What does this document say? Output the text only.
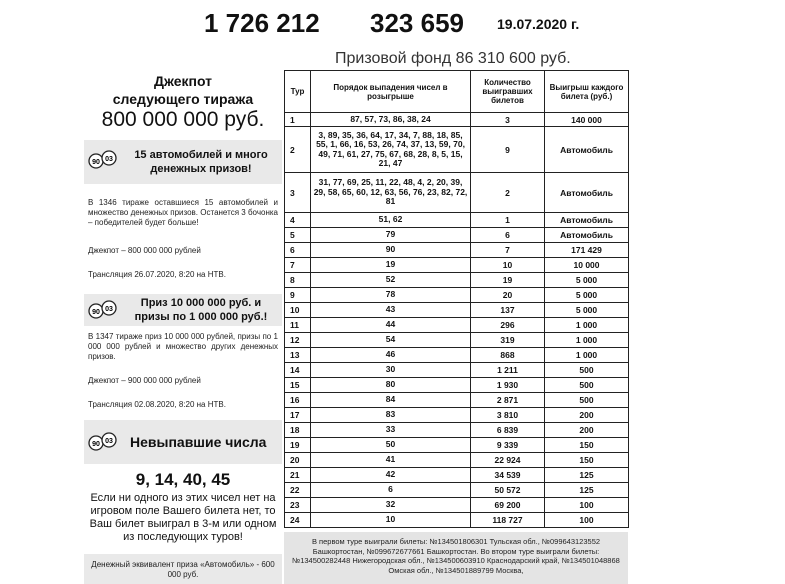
1 726 212 323 659 19.07.2020 г.
Призовой фонд 86 310 600 руб.
Джекпот
следующего тиража
800 000 000 руб.
90 03	15 автомобилей и много денежных призов!
В 1346 тираже оставшиеся 15 автомобилей и множество денежных призов. Останется 3 бочонка – победителей будет больше!
Джекпот – 800 000 000 рублей
Трансляция 26.07.2020, 8:20 на НТВ.
90 03
Приз 10 000 000 руб. и призы по 1 000 000 руб.!
В 1347 тираже приз 10 000 000 рублей, призы по 1 000 000 рублей и множество других денежных призов.
Джекпот – 900 000 000 рублей
Трансляция 02.08.2020, 8:20 на НТВ.
90 03 Невыпавшие числа
9, 14, 40, 45
Если ни одного из этих чисел нет на игровом поле Вашего билета нет, то Ваш билет выиграл в 3-м или одном из последующих туров!
Денежный эквивалент приза «Автомобиль» - 600 000 руб.
Тур	Порядок выпадения чисел в розыгрыше	Количество выигравших билетов	Выигрыш каждого билета (руб.)
1	87, 57, 73, 86, 38, 24	3	140 000
2	3, 89, 35, 36, 64, 17, 34, 7, 88, 18, 85, 55, 1, 66, 16, 53, 26, 74, 37, 13, 59, 70, 49, 71, 61, 27, 75, 67, 68, 28, 8, 5, 15, 21, 47	9	Автомобиль
3	31, 77, 69, 25, 11, 22, 48, 4, 2, 20, 39, 29, 58, 65, 60, 12, 63, 56, 76, 23, 82, 72, 81	2	Автомобиль
4	51, 62	1	Автомобиль
5	79	6	Автомобиль
6	90	7	171 429
7	19	10	10 000
8	52	19	5 000
9	78	20	5 000
10	43	137	5 000
11	44	296	1 000
12	54	319	1 000
13	46	868	1 000
14	30	1 211	500
15	80	1 930	500
16	84	2 871	500
17	83	3 810	200
18	33	6 839	200
19	50	9 339	150
20	41	22 924	150
21	42	34 539	125
22	6	50 572	125
23	32	69 200	100
24	10	118 727	100
В первом туре выиграли билеты: №134501806301 Тульская обл., №099643123552 Башкортостан, №099672677661 Башкортостан. Во втором туре выиграли билеты: №134500282448 Нижегородская обл., №134500603910 Краснодарский край, №134501048868 Омская обл., №134501889799 Москва,
